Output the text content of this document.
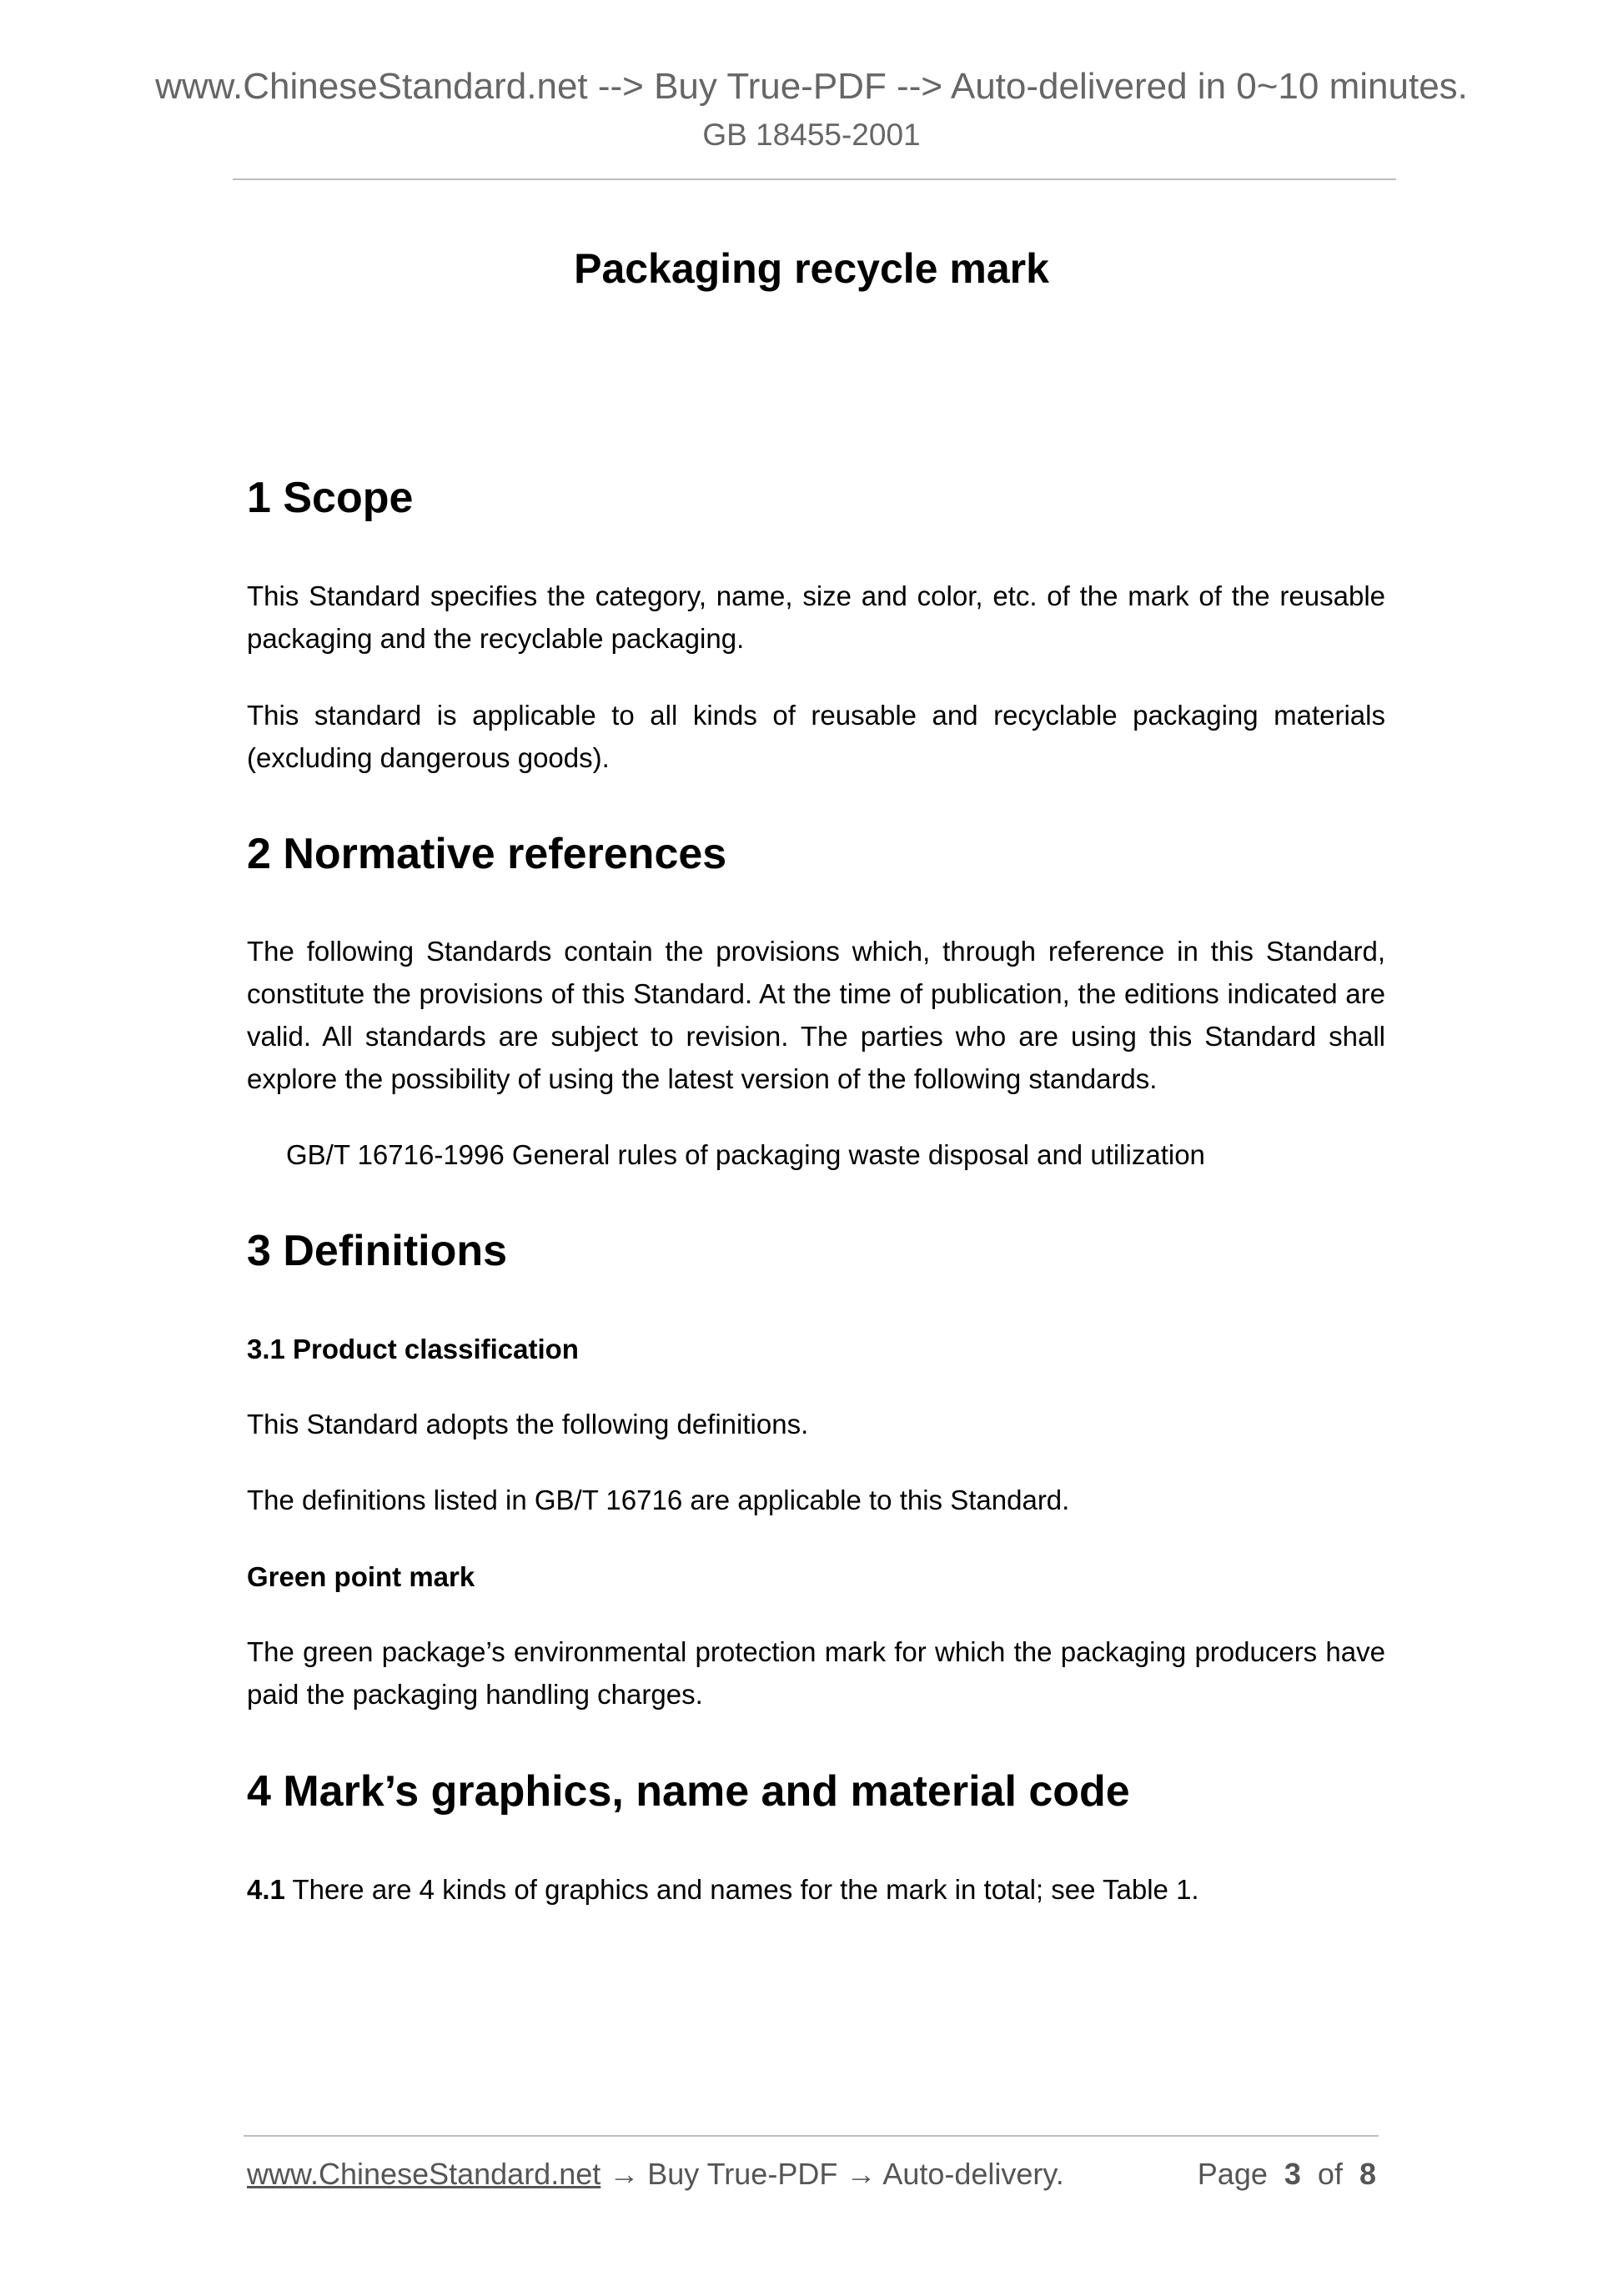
www.ChineseStandard.net --> Buy True-PDF --> Auto-delivered in 0~10 minutes.
GB 18455-2001
Packaging recycle mark
1 Scope
This Standard specifies the category, name, size and color, etc. of the mark of the reusable packaging and the recyclable packaging.
This standard is applicable to all kinds of reusable and recyclable packaging materials (excluding dangerous goods).
2 Normative references
The following Standards contain the provisions which, through reference in this Standard, constitute the provisions of this Standard. At the time of publication, the editions indicated are valid. All standards are subject to revision. The parties who are using this Standard shall explore the possibility of using the latest version of the following standards.
GB/T 16716-1996 General rules of packaging waste disposal and utilization
3 Definitions
3.1 Product classification
This Standard adopts the following definitions.
The definitions listed in GB/T 16716 are applicable to this Standard.
Green point mark
The green package’s environmental protection mark for which the packaging producers have paid the packaging handling charges.
4 Mark’s graphics, name and material code
4.1 There are 4 kinds of graphics and names for the mark in total; see Table 1.
www.ChineseStandard.net → Buy True-PDF → Auto-delivery.	Page 3 of 8
